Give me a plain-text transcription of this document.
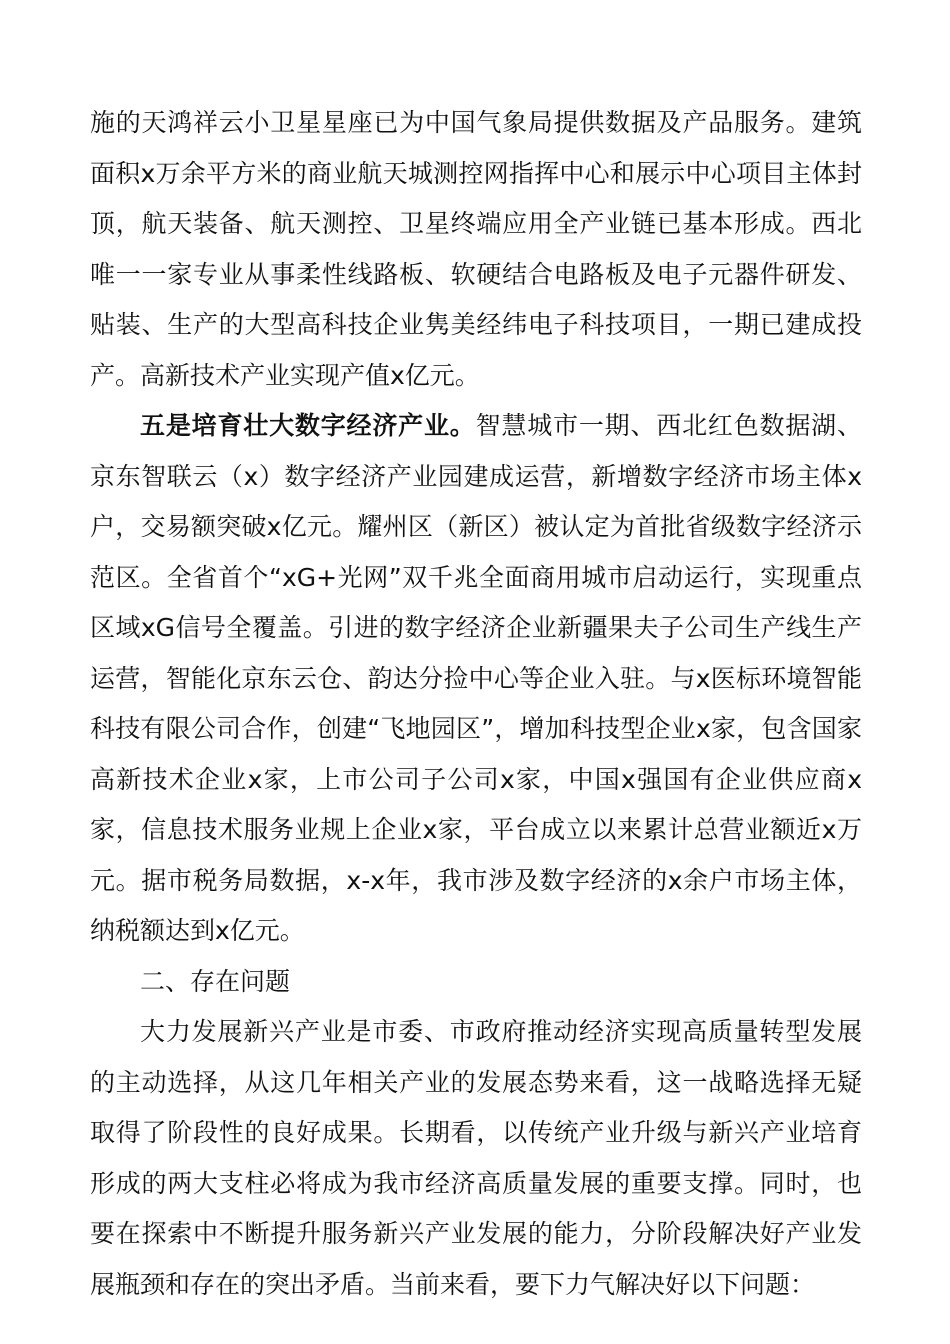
施的天鸿祥云小卫星星座已为中国气象局提供数据及产品服务。建筑面积x万余平方米的商业航天城测控网指挥中心和展示中心项目主体封顶，航天装备、航天测控、卫星终端应用全产业链已基本形成。西北唯一一家专业从事柔性线路板、软硬结合电路板及电子元器件研发、贴装、生产的大型高科技企业隽美经纬电子科技项目，一期已建成投产。高新技术产业实现产值x亿元。

五是培育壮大数字经济产业。智慧城市一期、西北红色数据湖、京东智联云（x）数字经济产业园建成运营，新增数字经济市场主体x户，交易额突破x亿元。耀州区（新区）被认定为首批省级数字经济示范区。全省首个“xG+光网”双千兆全面商用城市启动运行，实现重点区域xG信号全覆盖。引进的数字经济企业新疆果夫子公司生产线生产运营，智能化京东云仓、韵达分捡中心等企业入驻。与x医标环境智能科技有限公司合作，创建“飞地园区”，增加科技型企业x家，包含国家高新技术企业x家，上市公司子公司x家，中国x强国有企业供应商x家，信息技术服务业规上企业x家，平台成立以来累计总营业额近x万元。据市税务局数据，x-x年，我市涉及数字经济的x余户市场主体，纳税额达到x亿元。

二、存在问题

大力发展新兴产业是市委、市政府推动经济实现高质量转型发展的主动选择，从这几年相关产业的发展态势来看，这一战略选择无疑取得了阶段性的良好成果。长期看，以传统产业升级与新兴产业培育形成的两大支柱必将成为我市经济高质量发展的重要支撑。同时，也要在探索中不断提升服务新兴产业发展的能力，分阶段解决好产业发展瓶颈和存在的突出矛盾。当前来看，要下力气解决好以下问题：
